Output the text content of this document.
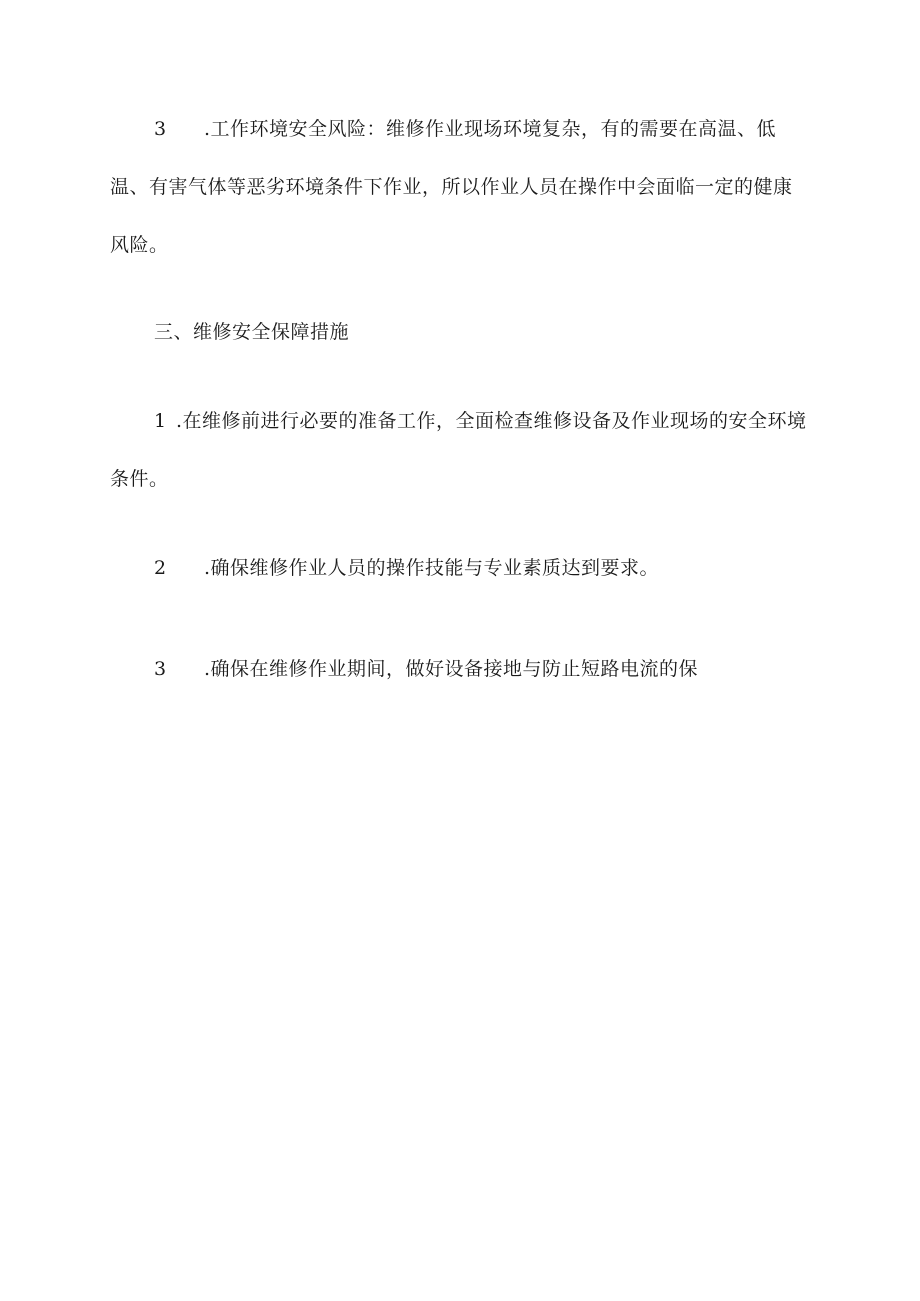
3 .工作环境安全风险：维修作业现场环境复杂，有的需要在高温、低温、有害气体等恶劣环境条件下作业，所以作业人员在操作中会面临一定的健康风险。

三、维修安全保障措施

1 .在维修前进行必要的准备工作，全面检查维修设备及作业现场的安全环境条件。

2 .确保维修作业人员的操作技能与专业素质达到要求。

3 .确保在维修作业期间，做好设备接地与防止短路电流的保
